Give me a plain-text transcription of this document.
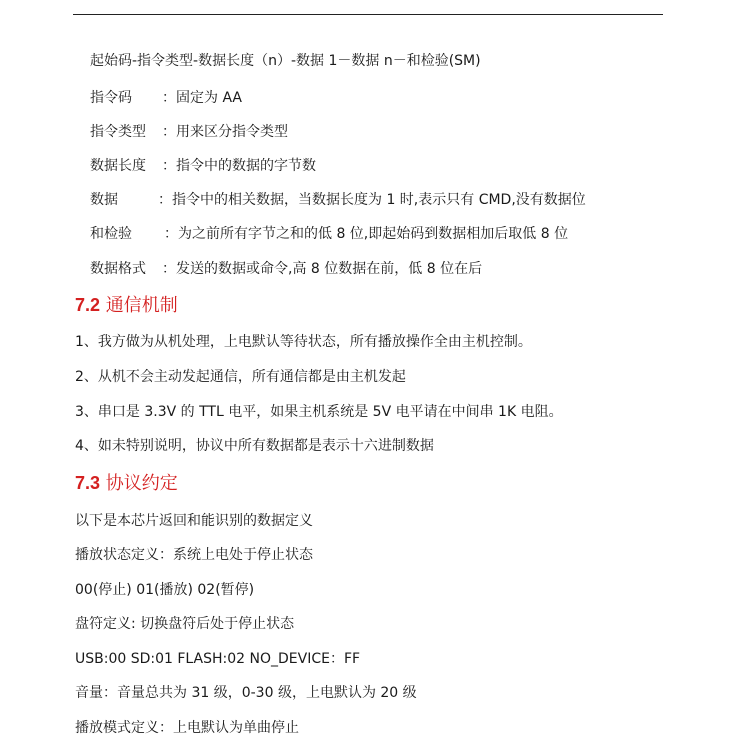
起始码-指令类型-数据长度（n）-数据 1－数据 n－和检验(SM)
指令码 ：固定为 AA
指令类型 ：用来区分指令类型
数据长度 ：指令中的数据的字节数
数据	：指令中的相关数据，当数据长度为 1 时,表示只有 CMD,没有数据位
和检验 ：为之前所有字节之和的低 8 位,即起始码到数据相加后取低 8 位
数据格式 ：发送的数据或命令,高 8 位数据在前，低 8 位在后
7.2 通信机制
1、我方做为从机处理，上电默认等待状态，所有播放操作全由主机控制。
2、从机不会主动发起通信，所有通信都是由主机发起
3、串口是 3.3V 的 TTL 电平，如果主机系统是 5V 电平请在中间串 1K 电阻。
4、如未特别说明，协议中所有数据都是表示十六进制数据
7.3 协议约定
以下是本芯片返回和能识别的数据定义
播放状态定义：系统上电处于停止状态
00(停止) 01(播放) 02(暂停)
盘符定义: 切换盘符后处于停止状态
USB:00 SD:01 FLASH:02 NO_DEVICE：FF
音量：音量总共为 31 级，0-30 级，上电默认为 20 级
播放模式定义：上电默认为单曲停止
